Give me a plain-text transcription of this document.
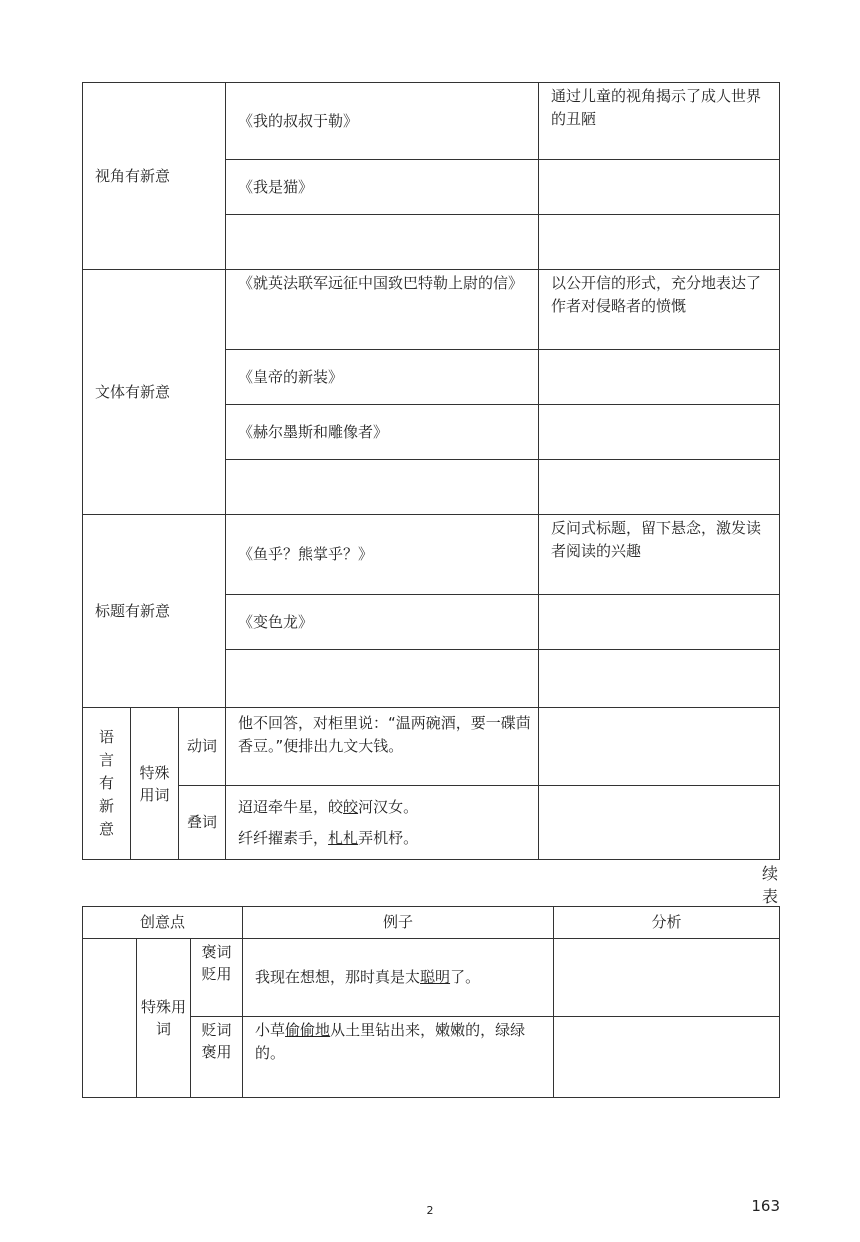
视角有新意			《我的叔叔于勒》	通过儿童的视角揭示了成人世界的丑陋
			《我是猫》	

文体有新意			《就英法联军远征中国致巴特勒上尉的信》	以公开信的形式，充分地表达了作者对侵略者的愤慨
			《皇帝的新装》	
			《赫尔墨斯和雕像者》	

标题有新意			《鱼乎？熊掌乎？》	反问式标题，留下悬念，激发读者阅读的兴趣
			《变色龙》	

语言有新意	特殊用词	动词	他不回答，对柜里说：“温两碗酒，要一碟茴香豆。”便排出九文大钱。	
		叠词	迢迢牵牛星，皎皎河汉女。
纤纤擢素手，札札弄机杼。	

续表
创意点			例子	分析

	特殊用词	褒词贬用	我现在想想，那时真是太聪明了。	

		贬词褒用	小草偷偷地从土里钻出来，嫩嫩的，绿绿的。	
2	163
